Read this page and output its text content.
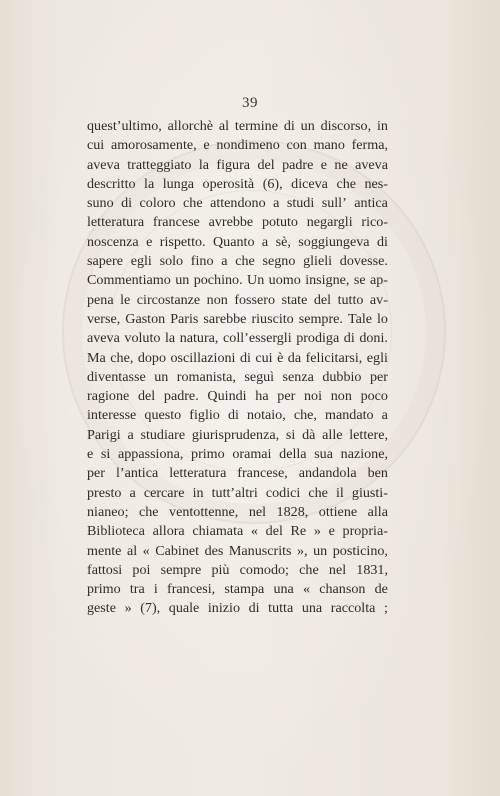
39
quest’ultimo, allorchè al termine di un discorso, in
cui amorosamente, e nondimeno con mano ferma,
aveva tratteggiato la figura del padre e ne aveva
descritto la lunga operosità (6), diceva che nes-
suno di coloro che attendono a studi sull’ antica
letteratura francese avrebbe potuto negargli rico-
noscenza e rispetto. Quanto a sè, soggiungeva di
sapere egli solo fino a che segno glieli dovesse.
Commentiamo un pochino. Un uomo insigne, se ap-
pena le circostanze non fossero state del tutto av-
verse, Gaston Paris sarebbe riuscito sempre. Tale lo
aveva voluto la natura, coll’essergli prodiga di doni.
Ma che, dopo oscillazioni di cui è da felicitarsi, egli
diventasse un romanista, seguì senza dubbio per
ragione del padre. Quindi ha per noi non poco
interesse questo figlio di notaio, che, mandato a
Parigi a studiare giurisprudenza, si dà alle lettere,
e si appassiona, primo oramai della sua nazione,
per l’antica letteratura francese, andandola ben
presto a cercare in tutt’altri codici che il giusti-
nianeo; che ventottenne, nel 1828, ottiene alla
Biblioteca allora chiamata « del Re » e propria-
mente al « Cabinet des Manuscrits », un posticino,
fattosi poi sempre più comodo; che nel 1831,
primo tra i francesi, stampa una « chanson de
geste » (7), quale inizio di tutta una raccolta ;
